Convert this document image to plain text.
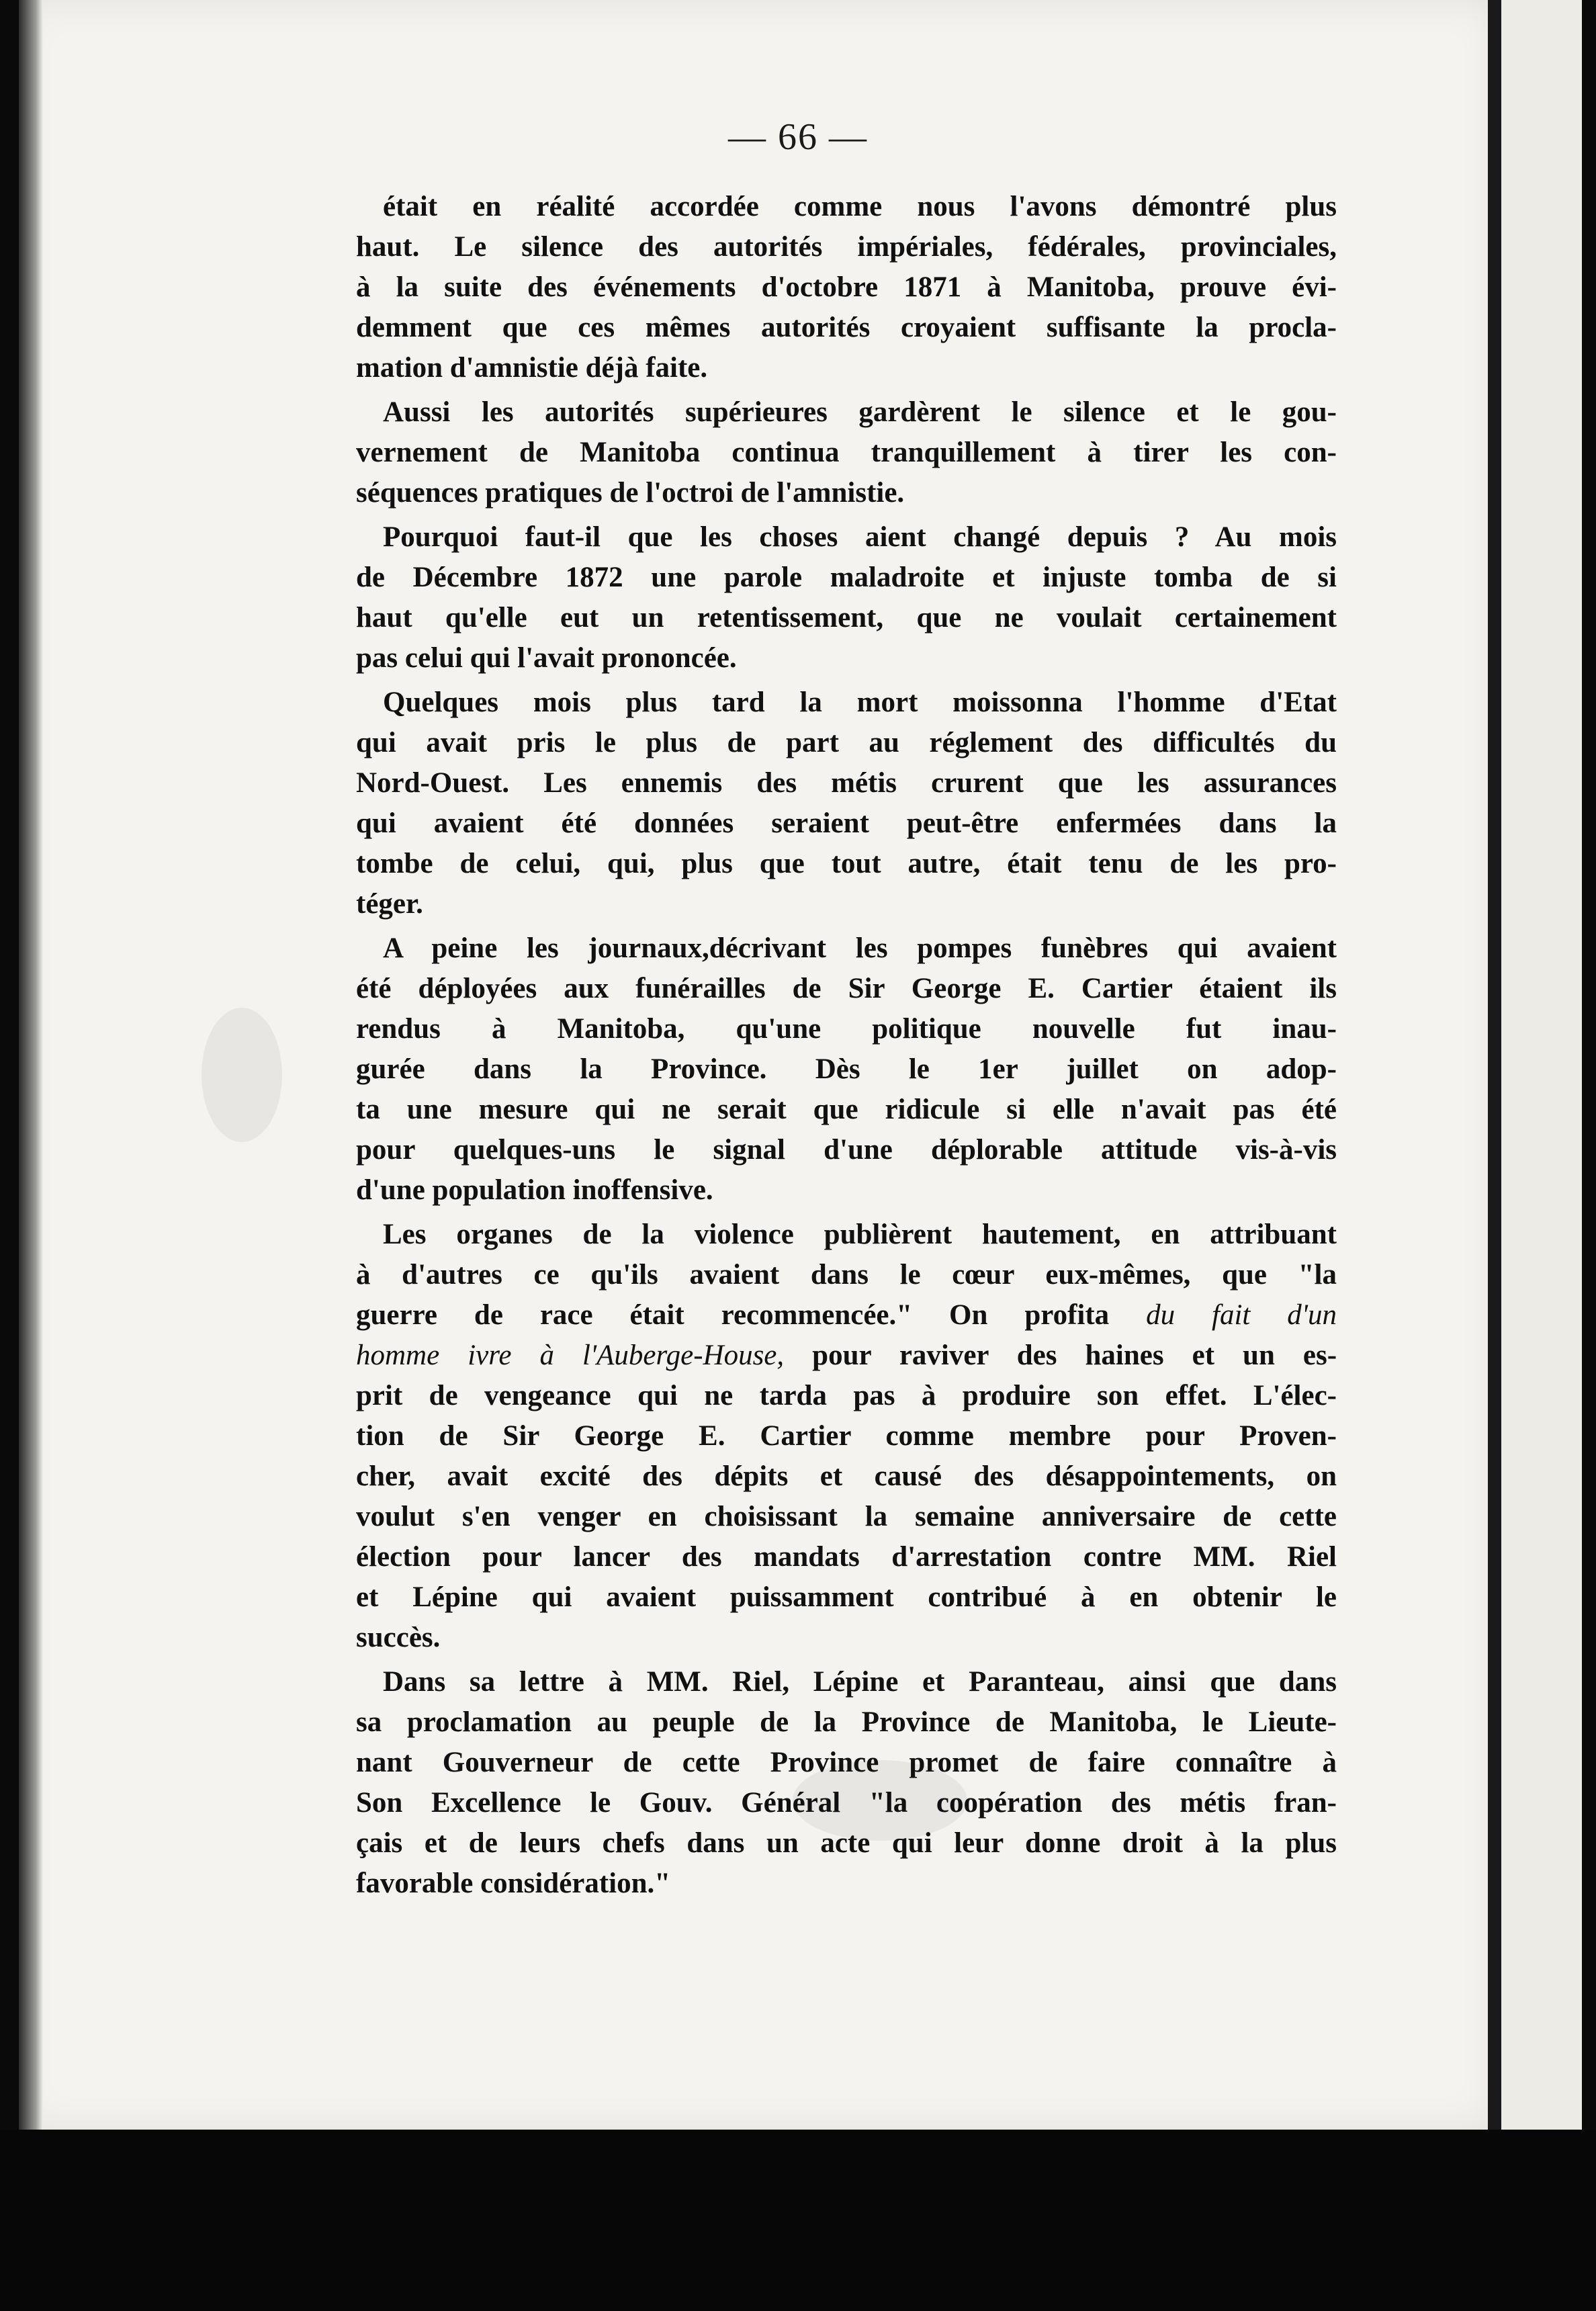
— 66 —
était en réalité accordée comme nous l'avons démontré plus
haut. Le silence des autorités impériales, fédérales, provinciales,
à la suite des événements d'octobre 1871 à Manitoba, prouve évi-
demment que ces mêmes autorités croyaient suffisante la procla-
mation d'amnistie déjà faite.
Aussi les autorités supérieures gardèrent le silence et le gou-
vernement de Manitoba continua tranquillement à tirer les con-
séquences pratiques de l'octroi de l'amnistie.
Pourquoi faut-il que les choses aient changé depuis ? Au mois
de Décembre 1872 une parole maladroite et injuste tomba de si
haut qu'elle eut un retentissement, que ne voulait certainement
pas celui qui l'avait prononcée.
Quelques mois plus tard la mort moissonna l'homme d'Etat
qui avait pris le plus de part au réglement des difficultés du
Nord-Ouest. Les ennemis des métis crurent que les assurances
qui avaient été données seraient peut-être enfermées dans la
tombe de celui, qui, plus que tout autre, était tenu de les pro-
téger.
A peine les journaux,décrivant les pompes funèbres qui avaient
été déployées aux funérailles de Sir George E. Cartier étaient ils
rendus à Manitoba, qu'une politique nouvelle fut inau-
gurée dans la Province. Dès le 1er juillet on adop-
ta une mesure qui ne serait que ridicule si elle n'avait pas été
pour quelques-uns le signal d'une déplorable attitude vis-à-vis
d'une population inoffensive.
Les organes de la violence publièrent hautement, en attribuant
à d'autres ce qu'ils avaient dans le cœur eux-mêmes, que "la
guerre de race était recommencée." On profita du fait d'un
homme ivre à l'Auberge-House, pour raviver des haines et un es-
prit de vengeance qui ne tarda pas à produire son effet. L'élec-
tion de Sir George E. Cartier comme membre pour Proven-
cher, avait excité des dépits et causé des désappointements, on
voulut s'en venger en choisissant la semaine anniversaire de cette
élection pour lancer des mandats d'arrestation contre MM. Riel
et Lépine qui avaient puissamment contribué à en obtenir le
succès.
Dans sa lettre à MM. Riel, Lépine et Paranteau, ainsi que dans
sa proclamation au peuple de la Province de Manitoba, le Lieute-
nant Gouverneur de cette Province promet de faire connaître à
Son Excellence le Gouv. Général "la coopération des métis fran-
çais et de leurs chefs dans un acte qui leur donne droit à la plus
favorable considération."
